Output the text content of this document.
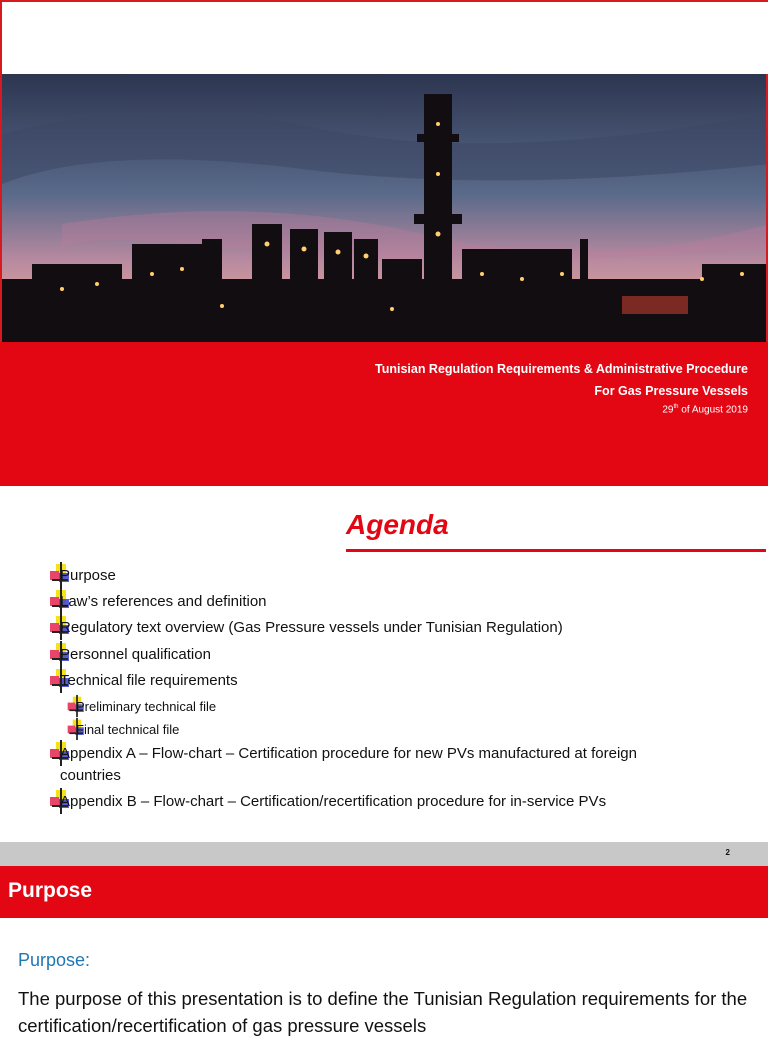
Tunisian Regulation Requirements & Administrative Procedure
For Gas Pressure Vessels
29th of August 2019
Agenda
Purpose
Law’s references and definition
Regulatory text overview (Gas Pressure vessels under Tunisian Regulation)
Personnel qualification
Technical file requirements
Preliminary technical file
Final technical file
Appendix A – Flow-chart – Certification procedure for new PVs manufactured at foreign countries
Appendix B – Flow-chart – Certification/recertification procedure for in-service PVs
2
Purpose
Purpose:
The purpose of this presentation is to define the Tunisian Regulation requirements for the certification/recertification of gas pressure vessels
